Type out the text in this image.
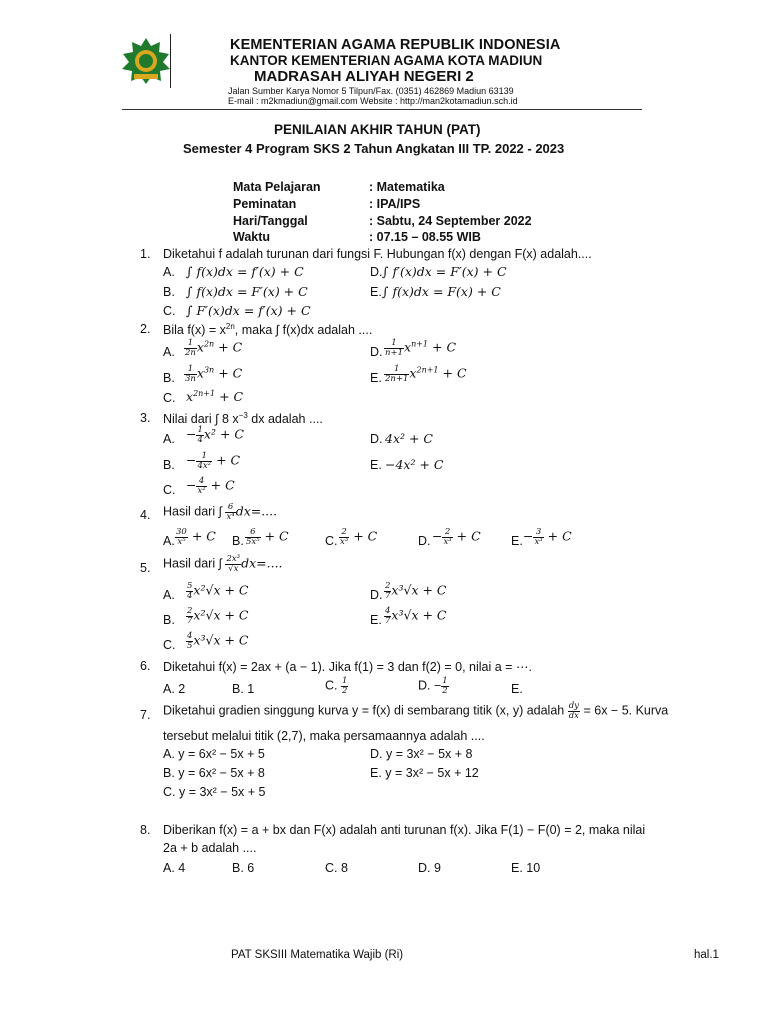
KEMENTERIAN AGAMA REPUBLIK INDONESIA
KANTOR KEMENTERIAN AGAMA KOTA MADIUN
MADRASAH ALIYAH NEGERI 2
Jalan Sumber Karya Nomor 5 Tilpun/Fax. (0351) 462869 Madiun 63139
E-mail : m2kmadiun@gmail.com Website : http://man2kotamadiun.sch.id
PENILAIAN AKHIR TAHUN (PAT)
Semester 4 Program SKS 2 Tahun Angkatan III TP. 2022 - 2023
Mata Pelajaran	: Matematika
Peminatan	: IPA/IPS
Hari/Tanggal	: Sabtu, 24 September 2022
Waktu	: 07.15 – 08.55 WIB
1. Diketahui f adalah turunan dari fungsi F. Hubungan f(x) dengan F(x) adalah....
A. ∫ f(x)dx = f′(x) + C	D. ∫ f′(x)dx = F′(x) + C
B. ∫ f(x)dx = F′(x) + C	E. ∫ f(x)dx = F(x) + C
C. ∫ F′(x)dx = f′(x) + C
2. Bila $f(x) = x^{2n}$, maka ∫ f(x)dx adalah ....
A. $\frac{1}{2n} x^{2n} + C$	D. $\frac{1}{n+1} x^{n+1} + C$
B. $\frac{1}{3n} x^{3n} + C$	E. $\frac{1}{2n+1} x^{2n+1} + C$
C. $x^{2n+1} + C$
3. Nilai dari ∫ 8 $x^{-3}$ dx adalah ....
A. − $\frac{1}{4} x^2 + C$	D. 4x² + C
B. − $\frac{1}{\text{4x²}} + C$	E. −4x² + C
C. − $\frac{4}{\text{x²}} + C$
4. Hasil dari ∫ $\frac{6}{\text{x⁴}} dx=$....
A. $\frac{30}{\text{x⁵}} + C$ B. $\frac{6}{\text{5x⁵}} + C$	C. $\frac{2}{\text{x³}} + C$	D. − $\frac{2}{\text{x³}} + C$ E. − $\frac{3}{\text{x³}} + C$
5. Hasil dari ∫ $\frac{\text{2x³}}{√x} dx=$....
A. $\frac{5}{4} x^2√x + C$	D. $\frac{2}{7} x^3√x + C$
B. $\frac{2}{7} x^2√x + C$	E. $\frac{4}{7} x^3√x + C$
C. $\frac{4}{5} x^3√x + C$
6. Diketahui f(x) = 2ax + (a − 1). Jika f(1) = 3 dan f(2) = 0, nilai a = ⋯.
A. 2	B. 1	C. $\frac{1}{2}$	D. − $\frac{1}{2}$	E.
7. Diketahui gradien singgung kurva y = f(x) di sembarang titik (x, y) adalah $\frac{dy}{dx} = 6x - 5$. Kurva
tersebut melalui titik (2,7), maka persamaannya adalah ....
A. y = 6x² − 5x + 5	D. y = 3x² − 5x + 8
B. y = 6x² − 5x + 8	E. y = 3x² − 5x + 12
C. y = 3x² − 5x + 5
8. Diberikan f(x) = a + bx dan F(x) adalah anti turunan f(x). Jika F(1) − F(0) = 2, maka nilai
2a + b adalah ....
A. 4	B. 6	C. 8	D. 9	E. 10
PAT SKSIII Matematika Wajib (Ri)	hal.1
